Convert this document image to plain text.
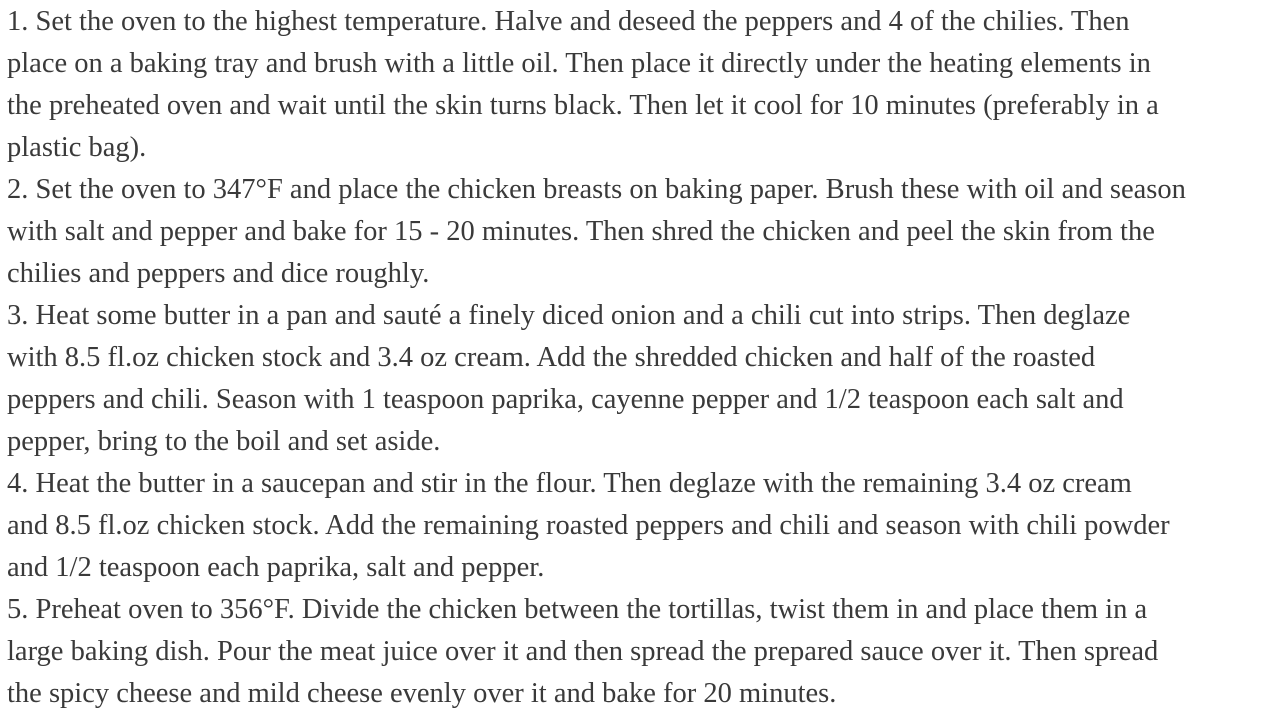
1. Set the oven to the highest temperature. Halve and deseed the peppers and 4 of the chilies. Then
place on a baking tray and brush with a little oil. Then place it directly under the heating elements in
the preheated oven and wait until the skin turns black. Then let it cool for 10 minutes (preferably in a
plastic bag).

2. Set the oven to 347°F and place the chicken breasts on baking paper. Brush these with oil and season
with salt and pepper and bake for 15 - 20 minutes. Then shred the chicken and peel the skin from the
chilies and peppers and dice roughly.

3. Heat some butter in a pan and sauté a finely diced onion and a chili cut into strips. Then deglaze
with 8.5 fl.oz chicken stock and 3.4 oz cream. Add the shredded chicken and half of the roasted
peppers and chili. Season with 1 teaspoon paprika, cayenne pepper and 1/2 teaspoon each salt and
pepper, bring to the boil and set aside.

4. Heat the butter in a saucepan and stir in the flour. Then deglaze with the remaining 3.4 oz cream
and 8.5 fl.oz chicken stock. Add the remaining roasted peppers and chili and season with chili powder
and 1/2 teaspoon each paprika, salt and pepper.

5. Preheat oven to 356°F. Divide the chicken between the tortillas, twist them in and place them in a
large baking dish. Pour the meat juice over it and then spread the prepared sauce over it. Then spread
the spicy cheese and mild cheese evenly over it and bake for 20 minutes.
